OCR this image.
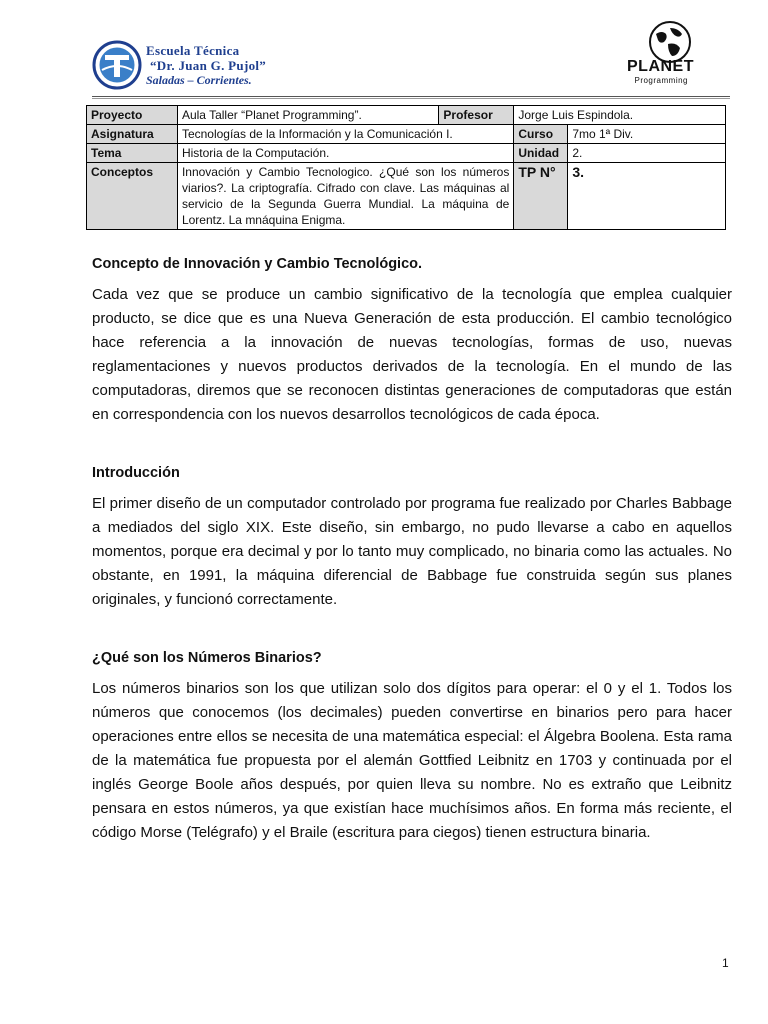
Escuela Técnica
“Dr. Juan G. Pujol”
Saladas – Corrientes.
PLANET
Programming
Proyecto	Aula Taller “Planet Programming”.	Profesor	Jorge Luis Espindola.	
Asignatura	Tecnologías de la Información y la Comunicación I.		Curso	7mo 1ª Div.
Tema	Historia de la Computación.		Unidad	2.
Conceptos	Innovación y Cambio Tecnologico. ¿Qué son los números viarios?. La criptografía. Cifrado con clave. Las máquinas al servicio de la Segunda Guerra Mundial. La máquina de Lorentz. La mnáquina Enigma.		TP N°	3.
Concepto de Innovación y Cambio Tecnológico.
Cada vez que se produce un cambio significativo de la tecnología que emplea cualquier producto, se dice que es una Nueva Generación de esta producción. El cambio tecnológico hace referencia a la innovación de nuevas tecnologías, formas de uso, nuevas reglamentaciones y nuevos productos derivados de la tecnología. En el mundo de las computadoras, diremos que se reconocen distintas generaciones de computadoras que están en correspondencia con los nuevos desarrollos tecnológicos de cada época.
Introducción
El primer diseño de un computador controlado por programa fue realizado por Charles Babbage a mediados del siglo XIX. Este diseño, sin embargo, no pudo llevarse a cabo en aquellos momentos, porque era decimal y por lo tanto muy complicado, no binaria como las actuales. No obstante, en 1991, la máquina diferencial de Babbage fue construida según sus planes originales, y funcionó correctamente.
¿Qué son los Números Binarios?
Los números binarios son los que utilizan solo dos dígitos para operar: el 0 y el 1. Todos los números que conocemos (los decimales) pueden convertirse en binarios pero para hacer operaciones entre ellos se necesita de una matemática especial: el Álgebra Boolena. Esta rama de la matemática fue propuesta por el alemán Gottfied Leibnitz en 1703 y continuada por el inglés George Boole años después, por quien lleva su nombre. No es extraño que Leibnitz pensara en estos números, ya que existían hace muchísimos años. En forma más reciente, el código Morse (Telégrafo) y el Braile (escritura para ciegos) tienen estructura binaria.
1
